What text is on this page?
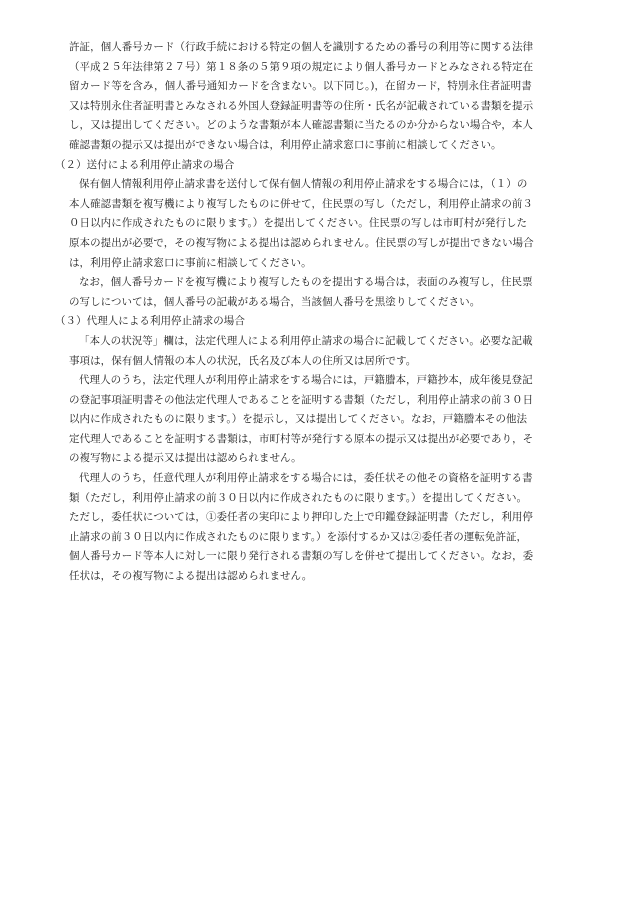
許証，個人番号カード（行政手続における特定の個人を識別するための番号の利用等に関する法律
（平成２５年法律第２７号）第１８条の５第９項の規定により個人番号カードとみなされる特定在
留カード等を含み，個人番号通知カードを含まない。以下同じ。)，在留カード，特別永住者証明書
又は特別永住者証明書とみなされる外国人登録証明書等の住所・氏名が記載されている書類を提示
し，又は提出してください。どのような書類が本人確認書類に当たるのか分からない場合や，本人
確認書類の提示又は提出ができない場合は，利用停止請求窓口に事前に相談してください。
（２）送付による利用停止請求の場合
保有個人情報利用停止請求書を送付して保有個人情報の利用停止請求をする場合には，（１）の
本人確認書類を複写機により複写したものに併せて，住民票の写し（ただし，利用停止請求の前３
０日以内に作成されたものに限ります。）を提出してください。住民票の写しは市町村が発行した
原本の提出が必要で，その複写物による提出は認められません。住民票の写しが提出できない場合
は，利用停止請求窓口に事前に相談してください。
なお，個人番号カードを複写機により複写したものを提出する場合は，表面のみ複写し，住民票
の写しについては，個人番号の記載がある場合，当該個人番号を黒塗りしてください。
（３）代理人による利用停止請求の場合
「本人の状況等」欄は，法定代理人による利用停止請求の場合に記載してください。必要な記載
事項は，保有個人情報の本人の状況，氏名及び本人の住所又は居所です。
代理人のうち，法定代理人が利用停止請求をする場合には，戸籍謄本，戸籍抄本，成年後見登記
の登記事項証明書その他法定代理人であることを証明する書類（ただし，利用停止請求の前３０日
以内に作成されたものに限ります。）を提示し，又は提出してください。なお，戸籍謄本その他法
定代理人であることを証明する書類は，市町村等が発行する原本の提示又は提出が必要であり，そ
の複写物による提示又は提出は認められません。
代理人のうち，任意代理人が利用停止請求をする場合には，委任状その他その資格を証明する書
類（ただし，利用停止請求の前３０日以内に作成されたものに限ります。）を提出してください。
ただし，委任状については，①委任者の実印により押印した上で印鑑登録証明書（ただし，利用停
止請求の前３０日以内に作成されたものに限ります。）を添付するか又は②委任者の運転免許証，
個人番号カード等本人に対し一に限り発行される書類の写しを併せて提出してください。なお，委
任状は，その複写物による提出は認められません。
